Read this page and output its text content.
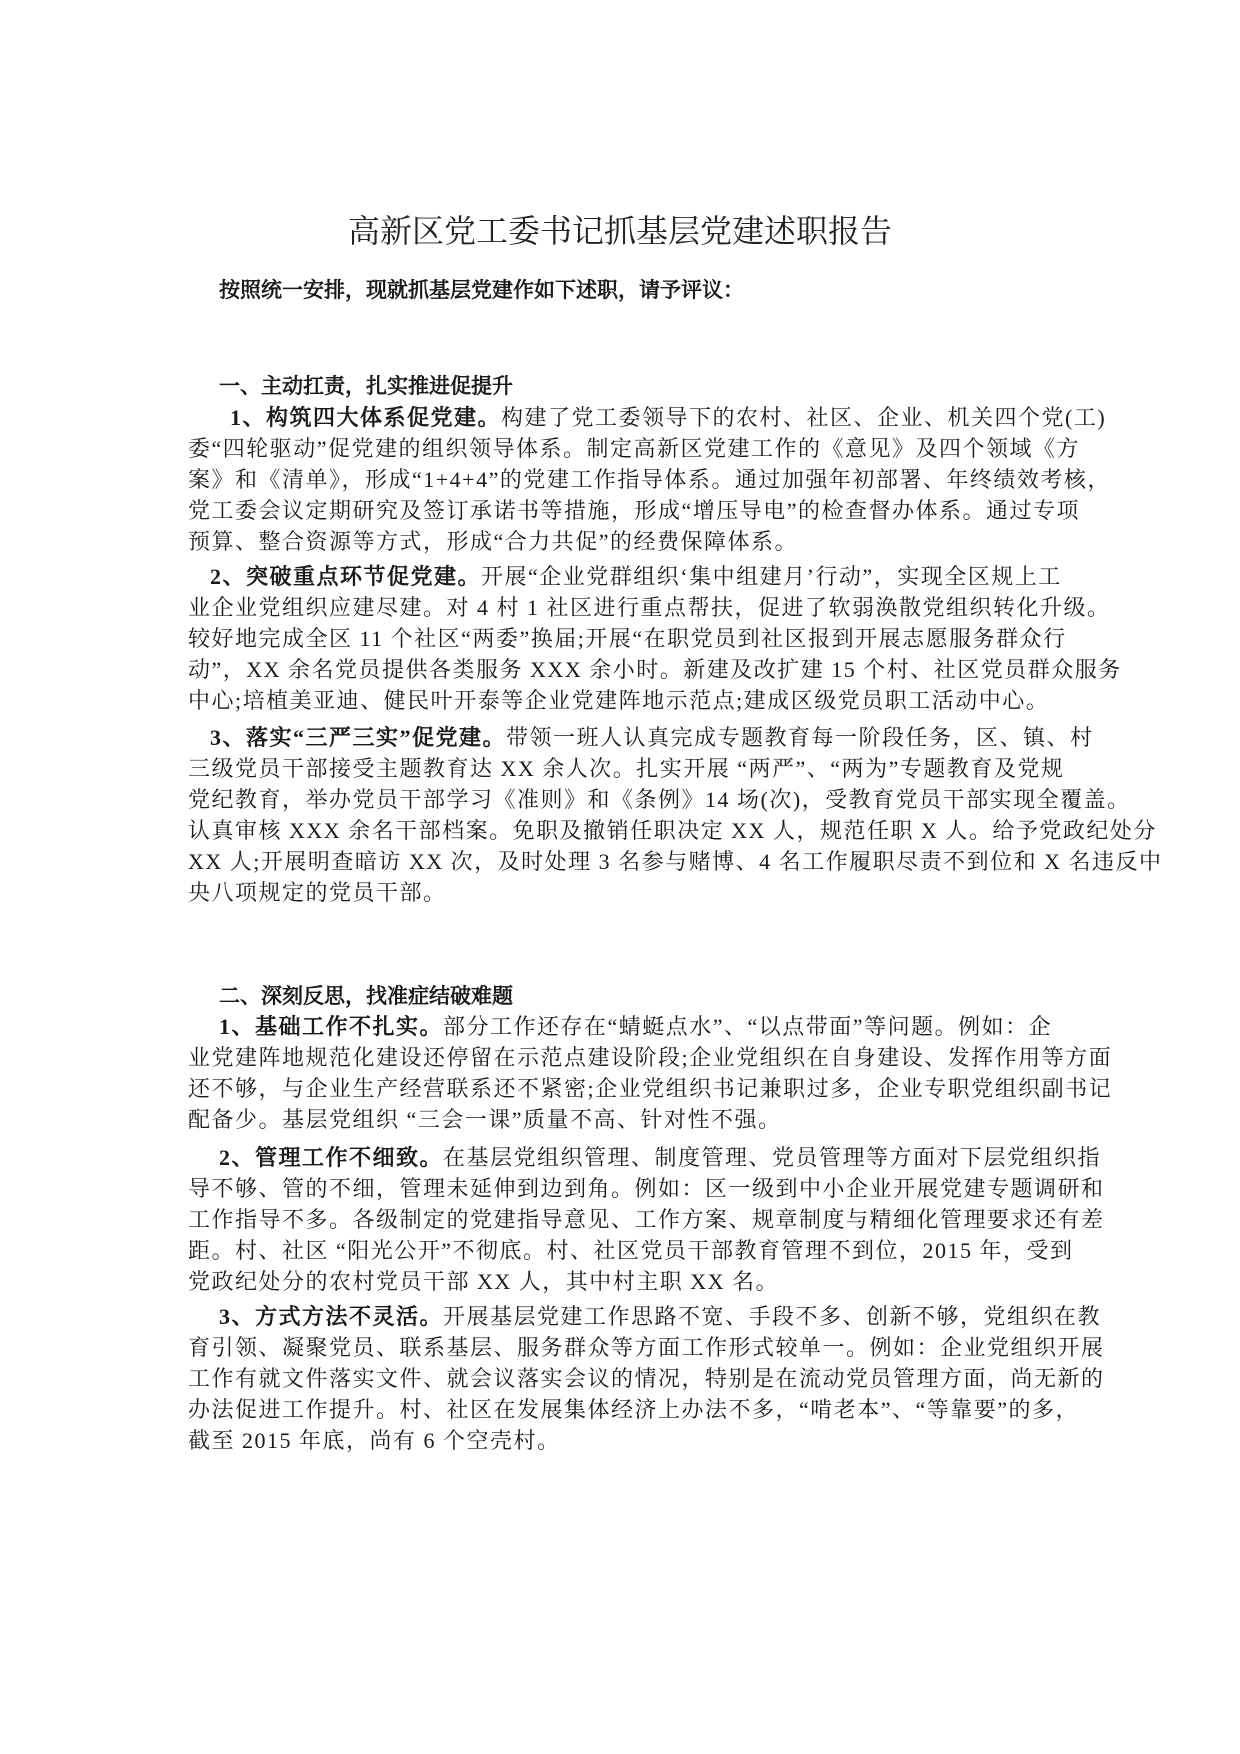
高新区党工委书记抓基层党建述职报告
按照统一安排，现就抓基层党建作如下述职，请予评议：
一、主动扛责，扎实推进促提升
1、构筑四大体系促党建。构建了党工委领导下的农村、社区、企业、机关四个党(工)
委“四轮驱动”促党建的组织领导体系。制定高新区党建工作的《意见》及四个领域《方
案》和《清单》，形成“1+4+4”的党建工作指导体系。通过加强年初部署、年终绩效考核，
党工委会议定期研究及签订承诺书等措施，形成“增压导电”的检查督办体系。通过专项
预算、整合资源等方式，形成“合力共促”的经费保障体系。
2、突破重点环节促党建。开展“企业党群组织‘集中组建月’行动”，实现全区规上工
业企业党组织应建尽建。对 4 村 1 社区进行重点帮扶，促进了软弱涣散党组织转化升级。
较好地完成全区 11 个社区“两委”换届;开展“在职党员到社区报到开展志愿服务群众行
动”，XX 余名党员提供各类服务 XXX 余小时。新建及改扩建 15 个村、社区党员群众服务
中心;培植美亚迪、健民叶开泰等企业党建阵地示范点;建成区级党员职工活动中心。
3、落实“三严三实”促党建。带领一班人认真完成专题教育每一阶段任务，区、镇、村
三级党员干部接受主题教育达 XX 余人次。扎实开展 “两严”、“两为”专题教育及党规
党纪教育，举办党员干部学习《准则》和《条例》14 场(次)，受教育党员干部实现全覆盖。
认真审核 XXX 余名干部档案。免职及撤销任职决定 XX 人，规范任职 X 人。给予党政纪处分
XX 人;开展明查暗访 XX 次，及时处理 3 名参与赌博、4 名工作履职尽责不到位和 X 名违反中
央八项规定的党员干部。
二、深刻反思，找准症结破难题
1、基础工作不扎实。部分工作还存在“蜻蜓点水”、“以点带面”等问题。例如：企
业党建阵地规范化建设还停留在示范点建设阶段;企业党组织在自身建设、发挥作用等方面
还不够，与企业生产经营联系还不紧密;企业党组织书记兼职过多，企业专职党组织副书记
配备少。基层党组织 “三会一课”质量不高、针对性不强。
2、管理工作不细致。在基层党组织管理、制度管理、党员管理等方面对下层党组织指
导不够、管的不细，管理未延伸到边到角。例如：区一级到中小企业开展党建专题调研和
工作指导不多。各级制定的党建指导意见、工作方案、规章制度与精细化管理要求还有差
距。村、社区 “阳光公开”不彻底。村、社区党员干部教育管理不到位，2015 年，受到
党政纪处分的农村党员干部 XX 人，其中村主职 XX 名。
3、方式方法不灵活。开展基层党建工作思路不宽、手段不多、创新不够，党组织在教
育引领、凝聚党员、联系基层、服务群众等方面工作形式较单一。例如：企业党组织开展
工作有就文件落实文件、就会议落实会议的情况，特别是在流动党员管理方面，尚无新的
办法促进工作提升。村、社区在发展集体经济上办法不多，“啃老本”、“等靠要”的多，
截至 2015 年底，尚有 6 个空壳村。
